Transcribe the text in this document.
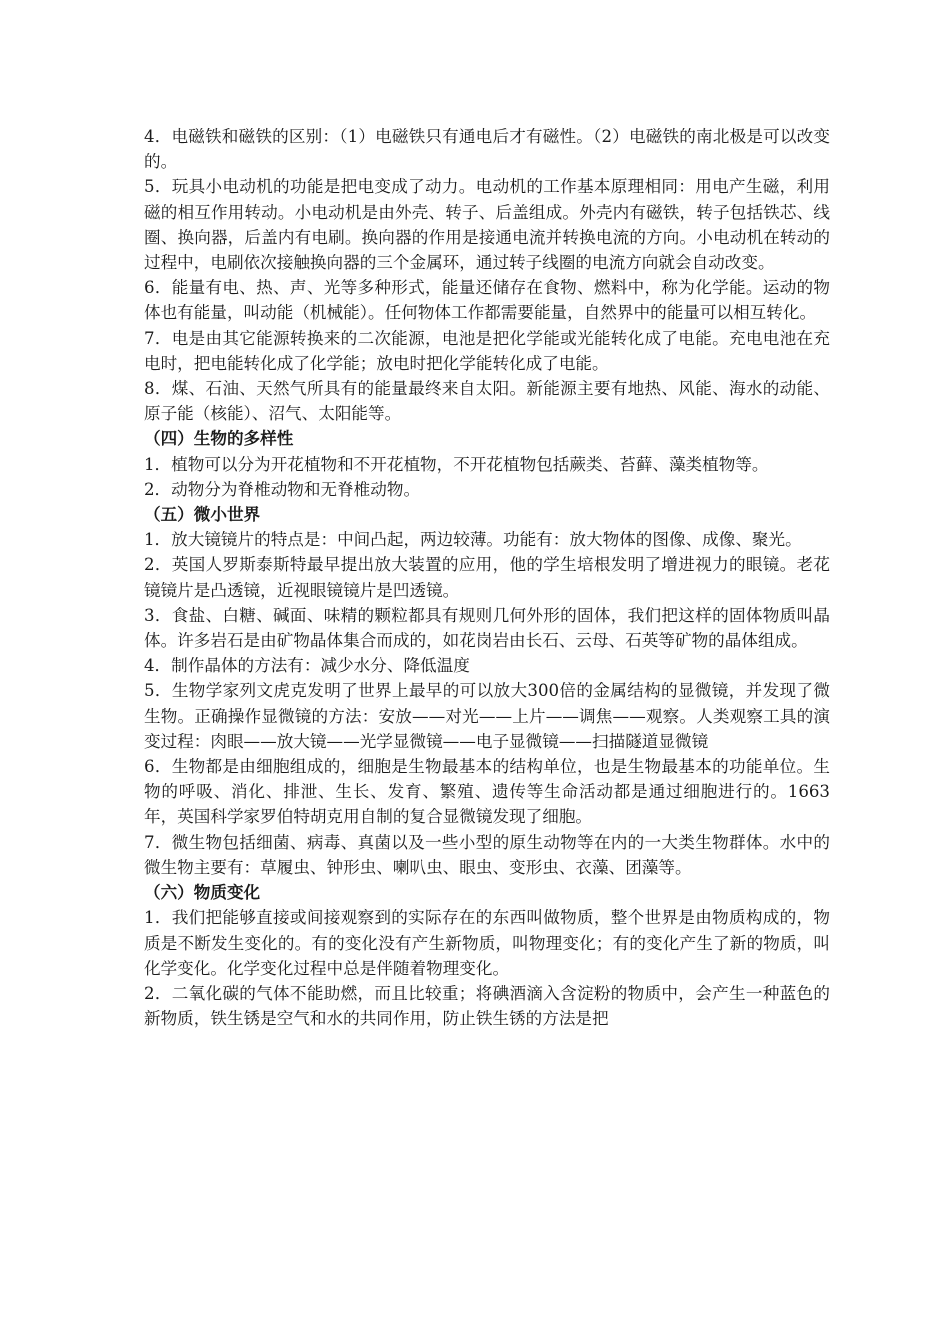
4．电磁铁和磁铁的区别：（1）电磁铁只有通电后才有磁性。（2）电磁铁的南北极是可以改变的。

5．玩具小电动机的功能是把电变成了动力。电动机的工作基本原理相同：用电产生磁，利用磁的相互作用转动。小电动机是由外壳、转子、后盖组成。外壳内有磁铁，转子包括铁芯、线圈、换向器，后盖内有电刷。换向器的作用是接通电流并转换电流的方向。小电动机在转动的过程中，电刷依次接触换向器的三个金属环，通过转子线圈的电流方向就会自动改变。

6．能量有电、热、声、光等多种形式，能量还储存在食物、燃料中，称为化学能。运动的物体也有能量，叫动能（机械能）。任何物体工作都需要能量，自然界中的能量可以相互转化。

7．电是由其它能源转换来的二次能源，电池是把化学能或光能转化成了电能。充电电池在充电时，把电能转化成了化学能；放电时把化学能转化成了电能。

8．煤、石油、天然气所具有的能量最终来自太阳。新能源主要有地热、风能、海水的动能、原子能（核能）、沼气、太阳能等。

（四）生物的多样性

1．植物可以分为开花植物和不开花植物，不开花植物包括蕨类、苔藓、藻类植物等。

2．动物分为脊椎动物和无脊椎动物。

（五）微小世界

1．放大镜镜片的特点是：中间凸起，两边较薄。功能有：放大物体的图像、成像、聚光。

2．英国人罗斯泰斯特最早提出放大装置的应用，他的学生培根发明了增进视力的眼镜。老花镜镜片是凸透镜，近视眼镜镜片是凹透镜。

3．食盐、白糖、碱面、味精的颗粒都具有规则几何外形的固体，我们把这样的固体物质叫晶体。许多岩石是由矿物晶体集合而成的，如花岗岩由长石、云母、石英等矿物的晶体组成。

4．制作晶体的方法有：减少水分、降低温度

5．生物学家列文虎克发明了世界上最早的可以放大300倍的金属结构的显微镜，并发现了微生物。正确操作显微镜的方法：安放——对光——上片——调焦——观察。人类观察工具的演变过程：肉眼——放大镜——光学显微镜——电子显微镜——扫描隧道显微镜

6．生物都是由细胞组成的，细胞是生物最基本的结构单位，也是生物最基本的功能单位。生物的呼吸、消化、排泄、生长、发育、繁殖、遗传等生命活动都是通过细胞进行的。1663年，英国科学家罗伯特胡克用自制的复合显微镜发现了细胞。

7．微生物包括细菌、病毒、真菌以及一些小型的原生动物等在内的一大类生物群体。水中的微生物主要有：草履虫、钟形虫、喇叭虫、眼虫、变形虫、衣藻、团藻等。

（六）物质变化

1．我们把能够直接或间接观察到的实际存在的东西叫做物质，整个世界是由物质构成的，物质是不断发生变化的。有的变化没有产生新物质，叫物理变化；有的变化产生了新的物质，叫化学变化。化学变化过程中总是伴随着物理变化。

2．二氧化碳的气体不能助燃，而且比较重；将碘酒滴入含淀粉的物质中，会产生一种蓝色的新物质，铁生锈是空气和水的共同作用，防止铁生锈的方法是把
